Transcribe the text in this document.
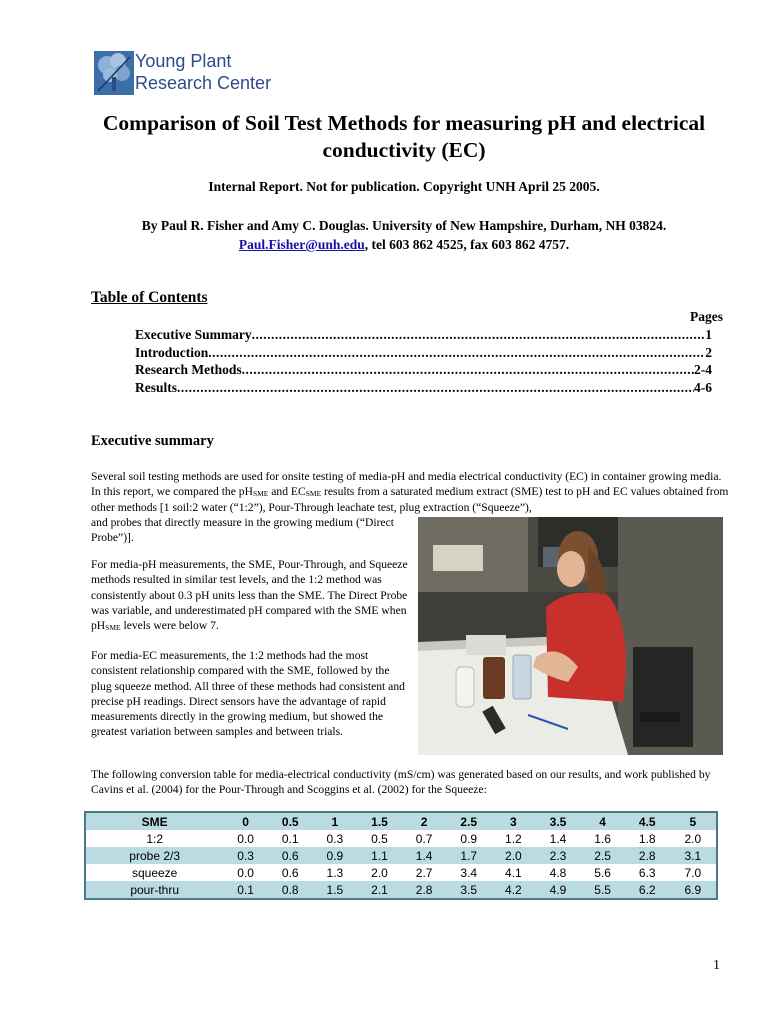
Young Plant
Research Center
Comparison of Soil Test Methods for measuring pH and electrical conductivity (EC)
Internal Report. Not for publication. Copyright UNH April 25 2005.
By Paul R. Fisher and Amy C. Douglas. University of New Hampshire, Durham, NH 03824.
Paul.Fisher@unh.edu, tel 603 862 4525, fax 603 862 4757.
Table of Contents
Pages
Executive Summary .....	1
Introduction .....	2
Research Methods .....	2-4
Results .....	4-6
Executive summary
Several soil testing methods are used for onsite testing of media-pH and media electrical conductivity (EC) in container growing media. In this report, we compared the $pH_{SME}$ and $EC_{SME}$ results from a saturated medium extract (SME) test to pH and EC values obtained from other methods [1 soil:2 water (“1:2”), Pour-Through leachate test, plug extraction (“Squeeze”),
and probes that directly measure in the growing medium (“Direct Probe”)].
For media-pH measurements, the SME, Pour-Through, and Squeeze methods resulted in similar test levels, and the 1:2 method was consistently about 0.3 pH units less than the SME. The Direct Probe was variable, and underestimated pH compared with the SME when $pH_{SME}$ levels were below 7.
For media-EC measurements, the 1:2 methods had the most consistent relationship compared with the SME, followed by the plug squeeze method. All three of these methods had consistent and precise pH readings. Direct sensors have the advantage of rapid measurements directly in the growing medium, but showed the greatest variation between samples and between trials.
The following conversion table for media-electrical conductivity (mS/cm) was generated based on our results, and work published by Cavins et al. (2004) for the Pour-Through and Scoggins et al. (2002) for the Squeeze:
SME	0	0.5	1	1.5	2	2.5	3	3.5	4	4.5	5
1:2	0.0	0.1	0.3	0.5	0.7	0.9	1.2	1.4	1.6	1.8	2.0
probe 2/3	0.3	0.6	0.9	1.1	1.4	1.7	2.0	2.3	2.5	2.8	3.1
squeeze	0.0	0.6	1.3	2.0	2.7	3.4	4.1	4.8	5.6	6.3	7.0
pour-thru	0.1	0.8	1.5	2.1	2.8	3.5	4.2	4.9	5.5	6.2	6.9
1
